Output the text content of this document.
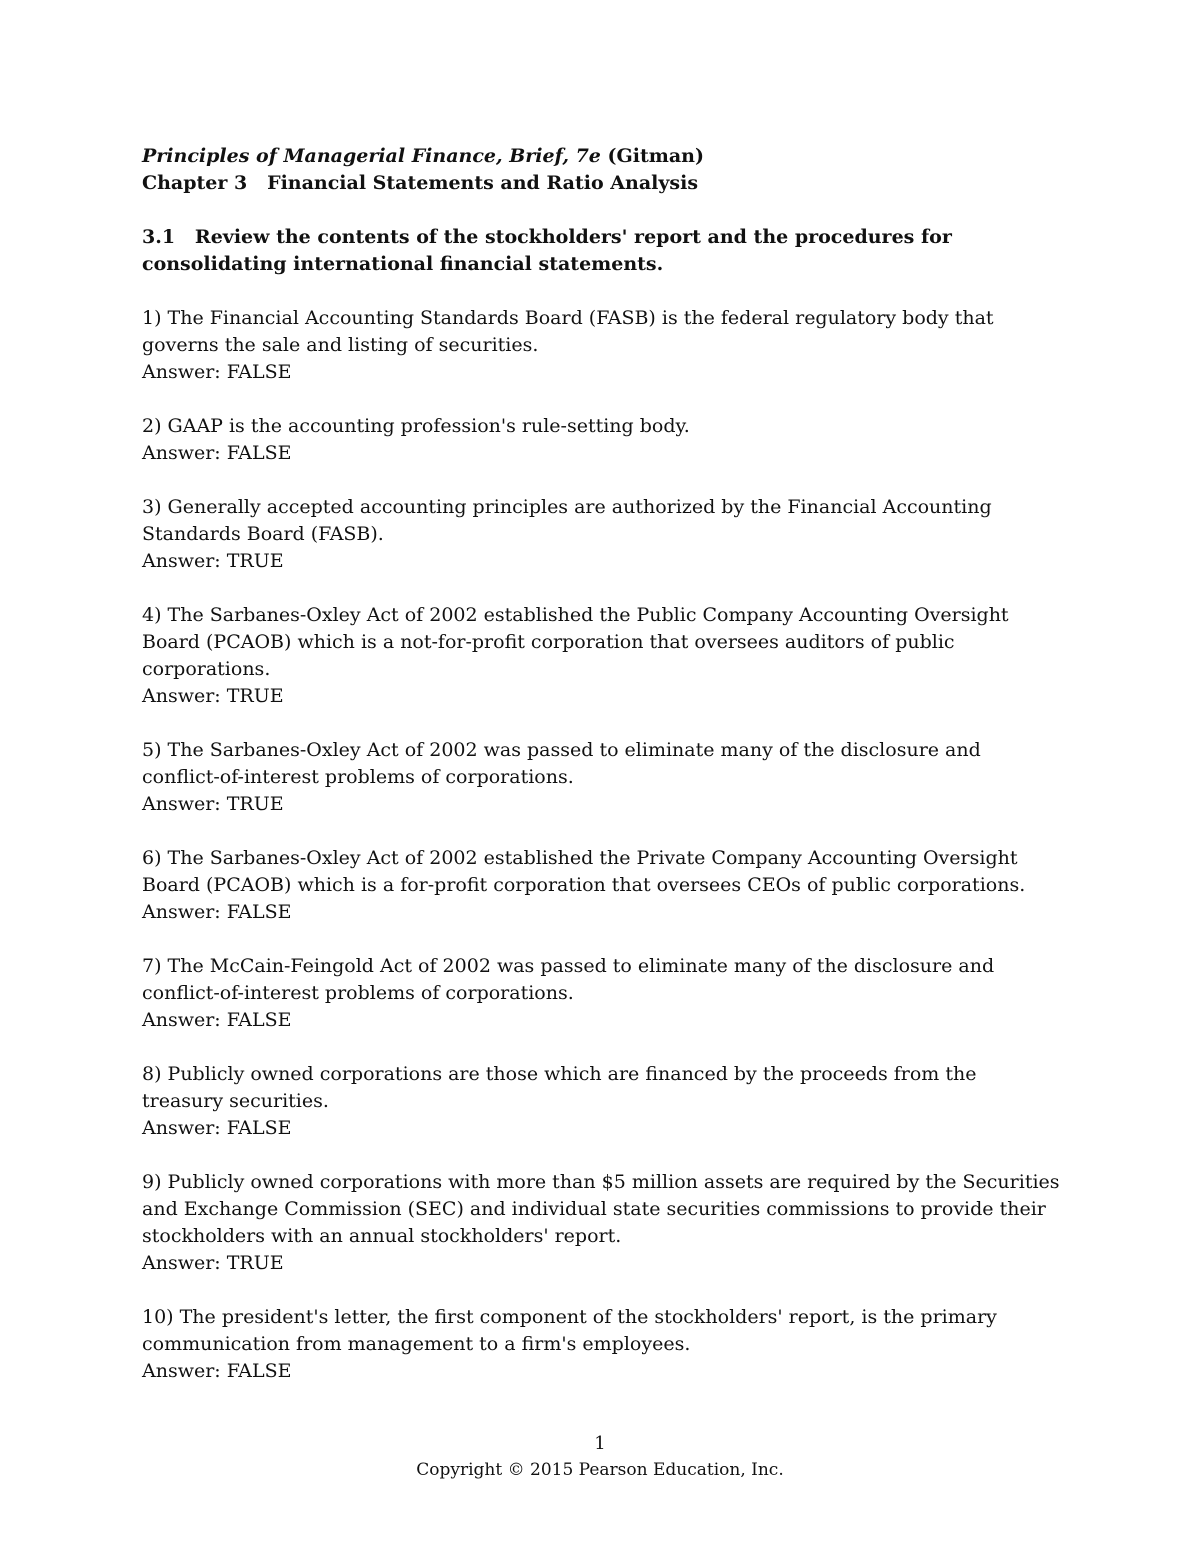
Principles of Managerial Finance, Brief, 7e (Gitman)
Chapter 3   Financial Statements and Ratio Analysis
3.1   Review the contents of the stockholders' report and the procedures for consolidating international financial statements.
1) The Financial Accounting Standards Board (FASB) is the federal regulatory body that governs the sale and listing of securities.
Answer: FALSE
2) GAAP is the accounting profession's rule-setting body.
Answer: FALSE
3) Generally accepted accounting principles are authorized by the Financial Accounting Standards Board (FASB).
Answer: TRUE
4) The Sarbanes-Oxley Act of 2002 established the Public Company Accounting Oversight Board (PCAOB) which is a not-for-profit corporation that oversees auditors of public corporations.
Answer: TRUE
5) The Sarbanes-Oxley Act of 2002 was passed to eliminate many of the disclosure and conflict-of-interest problems of corporations.
Answer: TRUE
6) The Sarbanes-Oxley Act of 2002 established the Private Company Accounting Oversight Board (PCAOB) which is a for-profit corporation that oversees CEOs of public corporations.
Answer: FALSE
7) The McCain-Feingold Act of 2002 was passed to eliminate many of the disclosure and conflict-of-interest problems of corporations.
Answer: FALSE
8) Publicly owned corporations are those which are financed by the proceeds from the treasury securities.
Answer: FALSE
9) Publicly owned corporations with more than $5 million assets are required by the Securities and Exchange Commission (SEC) and individual state securities commissions to provide their stockholders with an annual stockholders' report.
Answer: TRUE
10) The president's letter, the first component of the stockholders' report, is the primary communication from management to a firm's employees.
Answer: FALSE
1
Copyright © 2015 Pearson Education, Inc.
